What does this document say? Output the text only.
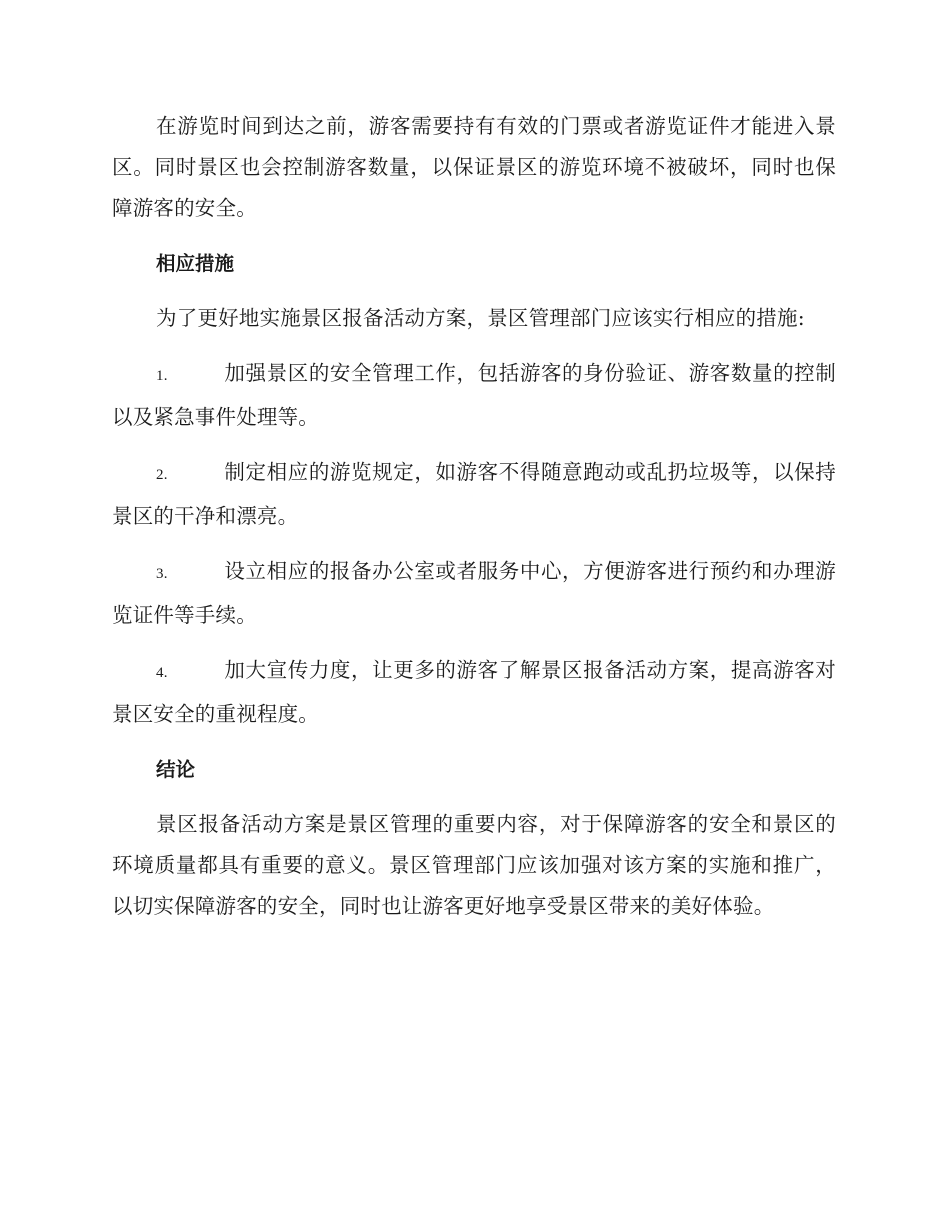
在游览时间到达之前，游客需要持有有效的门票或者游览证件才能进入景区。同时景区也会控制游客数量，以保证景区的游览环境不被破坏，同时也保障游客的安全。

相应措施

为了更好地实施景区报备活动方案，景区管理部门应该实行相应的措施:

1.	加强景区的安全管理工作，包括游客的身份验证、游客数量的控制以及紧急事件处理等。

2.	制定相应的游览规定，如游客不得随意跑动或乱扔垃圾等，以保持景区的干净和漂亮。

3.	设立相应的报备办公室或者服务中心，方便游客进行预约和办理游览证件等手续。

4.	加大宣传力度，让更多的游客了解景区报备活动方案，提高游客对景区安全的重视程度。

结论

景区报备活动方案是景区管理的重要内容，对于保障游客的安全和景区的环境质量都具有重要的意义。景区管理部门应该加强对该方案的实施和推广，以切实保障游客的安全，同时也让游客更好地享受景区带来的美好体验。
